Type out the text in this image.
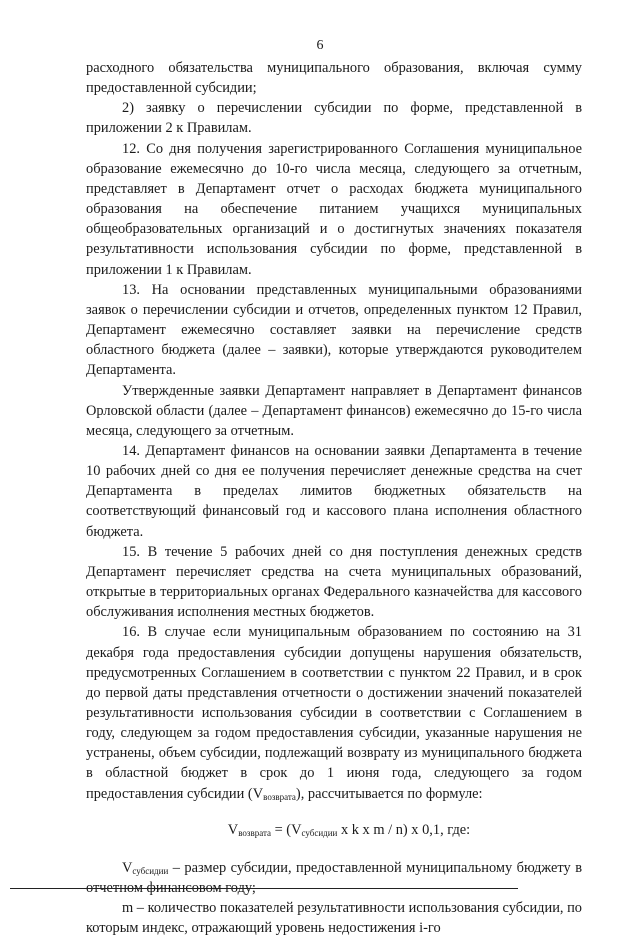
6

расходного обязательства муниципального образования, включая сумму предоставленной субсидии;

2) заявку о перечислении субсидии по форме, представленной в приложении 2 к Правилам.

12. Со дня получения зарегистрированного Соглашения муниципальное образование ежемесячно до 10-го числа месяца, следующего за отчетным, представляет в Департамент отчет о расходах бюджета муниципального образования на обеспечение питанием учащихся муниципальных общеобразовательных организаций и о достигнутых значениях показателя результативности использования субсидии по форме, представленной в приложении 1 к Правилам.

13. На основании представленных муниципальными образованиями заявок о перечислении субсидии и отчетов, определенных пунктом 12 Правил, Департамент ежемесячно составляет заявки на перечисление средств областного бюджета (далее – заявки), которые утверждаются руководителем Департамента.

Утвержденные заявки Департамент направляет в Департамент финансов Орловской области (далее – Департамент финансов) ежемесячно до 15-го числа месяца, следующего за отчетным.

14. Департамент финансов на основании заявки Департамента в течение 10 рабочих дней со дня ее получения перечисляет денежные средства на счет Департамента в пределах лимитов бюджетных обязательств на соответствующий финансовый год и кассового плана исполнения областного бюджета.

15. В течение 5 рабочих дней со дня поступления денежных средств Департамент перечисляет средства на счета муниципальных образований, открытые в территориальных органах Федерального казначейства для кассового обслуживания исполнения местных бюджетов.

16. В случае если муниципальным образованием по состоянию на 31 декабря года предоставления субсидии допущены нарушения обязательств, предусмотренных Соглашением в соответствии с пунктом 22 Правил, и в срок до первой даты представления отчетности о достижении значений показателей результативности использования субсидии в соответствии с Соглашением в году, следующем за годом предоставления субсидии, указанные нарушения не устранены, объем субсидии, подлежащий возврату из муниципального бюджета в областной бюджет в срок до 1 июня года, следующего за годом предоставления субсидии $(V_{возврата})$, рассчитывается по формуле:

$V_{возврата} = (V_{субсидии}$ x k x m / n) x 0,1, где:

$V_{субсидии}$ – размер субсидии, предоставленной муниципальному бюджету в отчетном финансовом году;

m – количество показателей результативности использования субсидии, по которым индекс, отражающий уровень недостижения i-го
